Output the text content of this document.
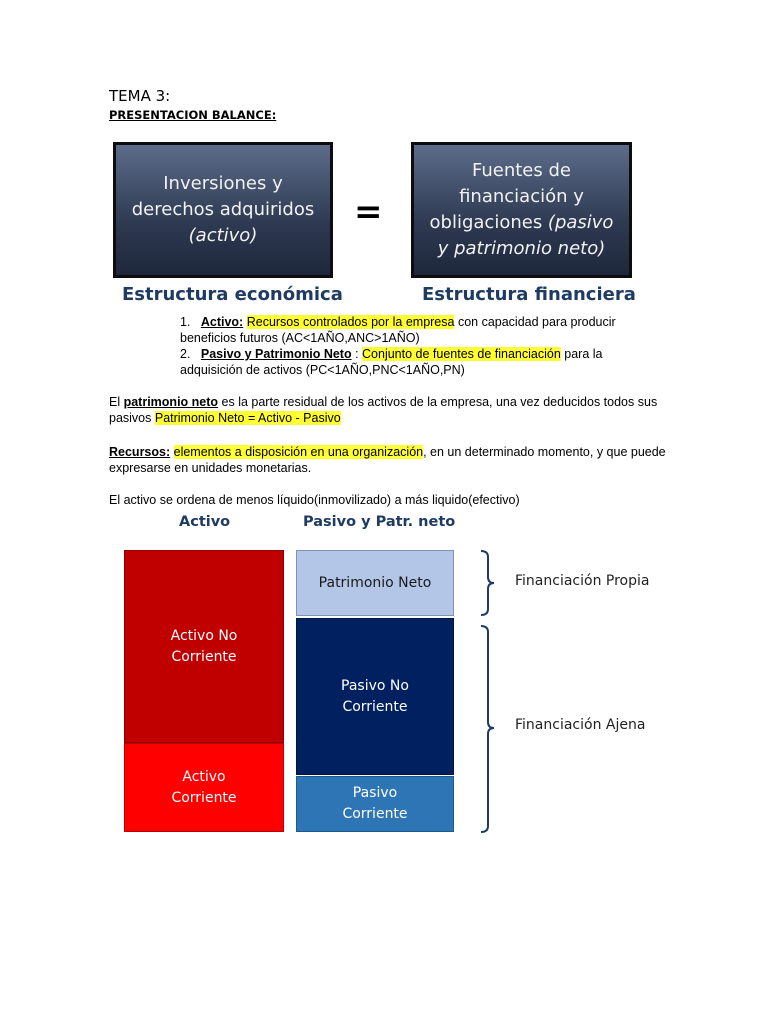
TEMA 3:
PRESENTACION BALANCE:
Inversiones y
derechos adquiridos
(activo)
=
Fuentes de
financiación y
obligaciones (pasivo
y patrimonio neto)
Estructura económica	Estructura financiera
1. Activo: Recursos controlados por la empresa con capacidad para producir beneficios futuros (AC<1AÑO,ANC>1AÑO)
2. Pasivo y Patrimonio Neto : Conjunto de fuentes de financiación para la adquisición de activos (PC<1AÑO,PNC<1AÑO,PN)
El patrimonio neto es la parte residual de los activos de la empresa, una vez deducidos todos sus pasivos Patrimonio Neto = Activo - Pasivo
Recursos: elementos a disposición en una organización, en un determinado momento, y que puede expresarse en unidades monetarias.
El activo se ordena de menos líquido(inmovilizado) a más liquido(efectivo)
Activo	Pasivo y Patr. neto
Activo No
Corriente
Activo
Corriente
Patrimonio Neto
Pasivo No
Corriente
Pasivo
Corriente
Financiación Propia
Financiación Ajena
